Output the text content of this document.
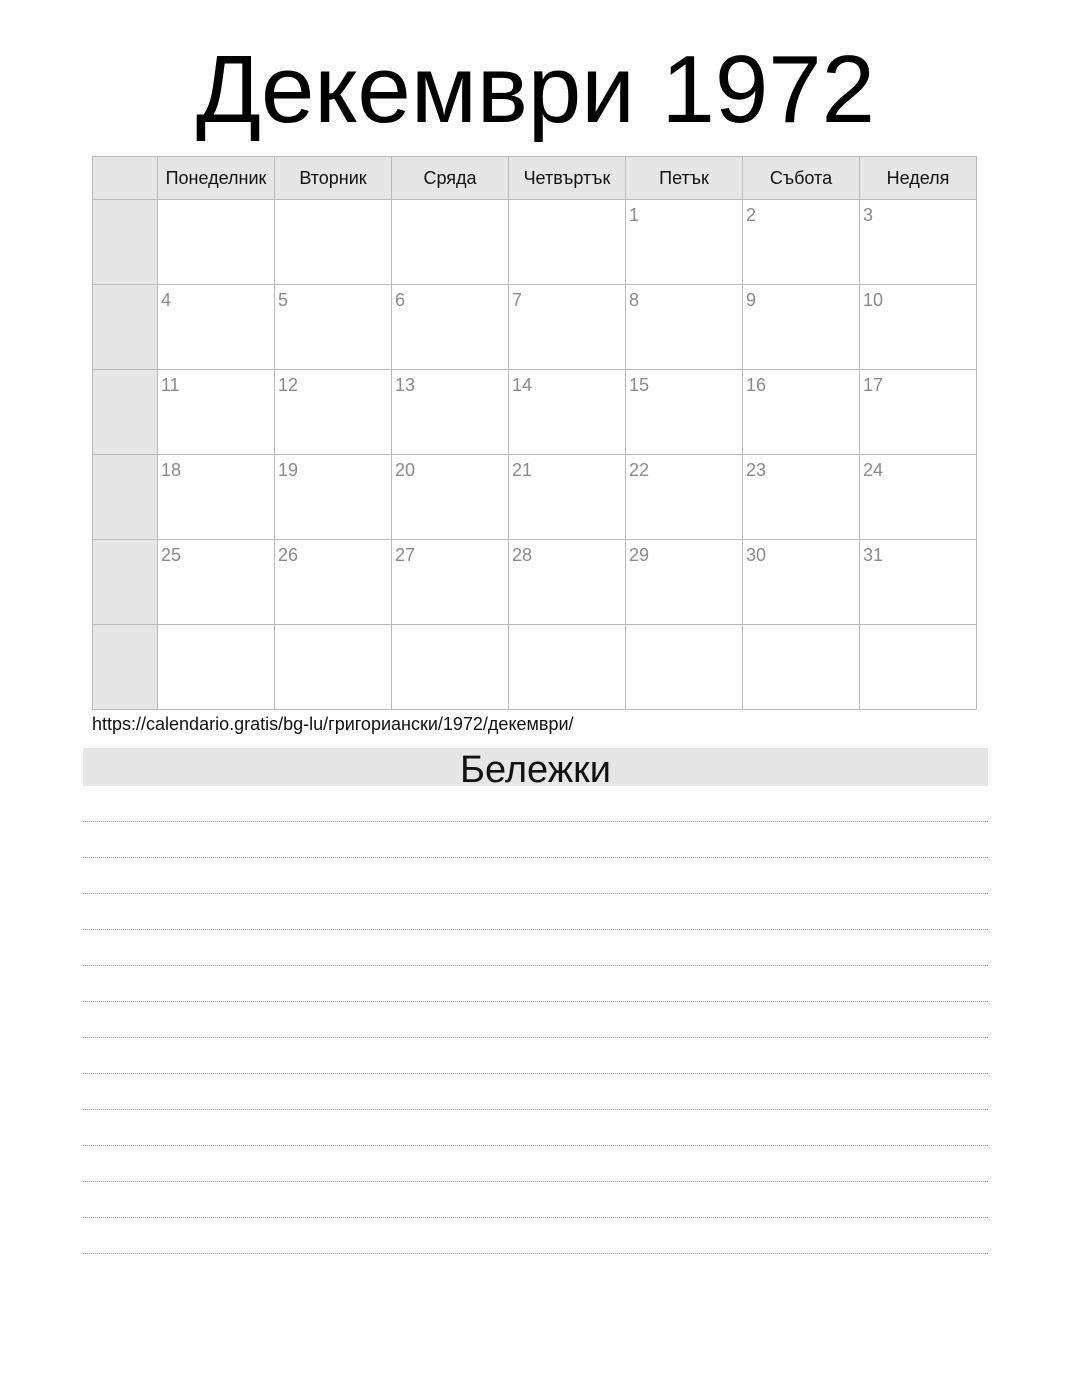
Декември 1972
	Понеделник	Вторник	Сряда	Четвъртък	Петък	Събота	Неделя

					1	2	3

	4	5	6	7	8	9	10

	11	12	13	14	15	16	17

	18	19	20	21	22	23	24

	25	26	27	28	29	30	31

https://calendario.gratis/bg-lu/григориански/1972/декември/
Бележки
